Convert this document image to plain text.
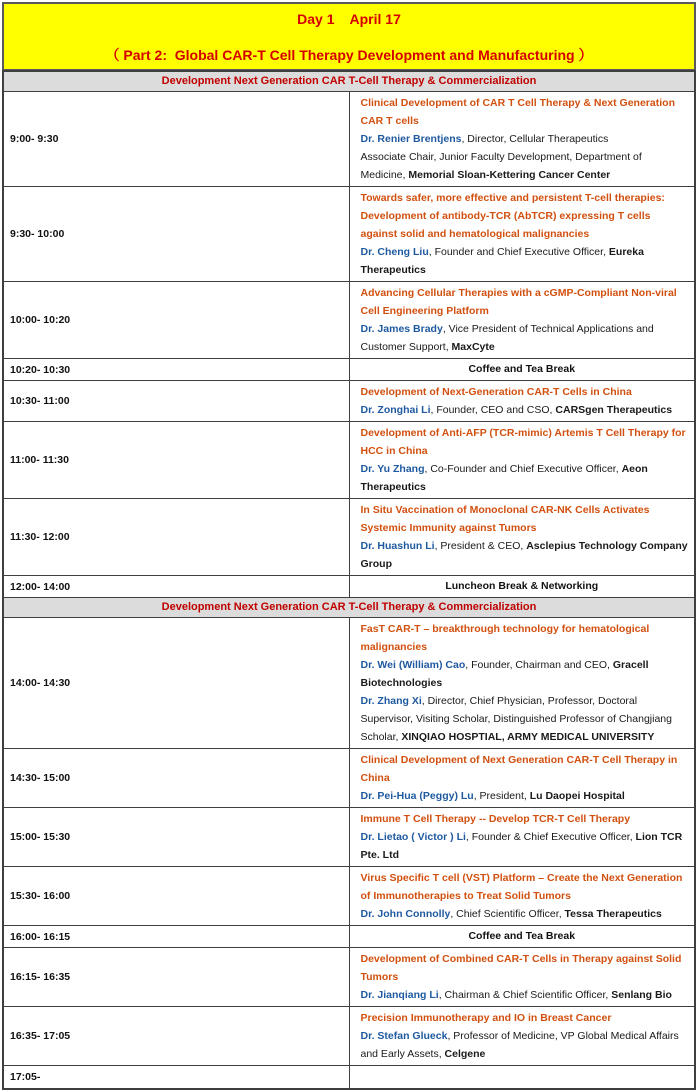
Day 1    April 17
（ Part 2:  Global CAR-T Cell Therapy Development and Manufacturing ）
Development Next Generation CAR T-Cell Therapy & Commercialization	
9:00- 9:30	Clinical Development of CAR T Cell Therapy & Next Generation CAR T cells
Dr. Renier Brentjens, Director, Cellular Therapeutics
Associate Chair, Junior Faculty Development, Department of Medicine, Memorial Sloan-Kettering Cancer Center

9:30- 10:00	Towards safer, more effective and persistent T-cell therapies: Development of antibody-TCR (AbTCR) expressing T cells against solid and hematological malignancies
Dr. Cheng Liu, Founder and Chief Executive Officer, Eureka Therapeutics

10:00- 10:20	Advancing Cellular Therapies with a cGMP-Compliant Non-viral Cell Engineering Platform
Dr. James Brady, Vice President of Technical Applications and Customer Support, MaxCyte

10:20- 10:30	Coffee and Tea Break
10:30- 11:00	Development of Next-Generation CAR-T Cells in China
Dr. Zonghai Li, Founder, CEO and CSO, CARSgen Therapeutics

11:00- 11:30	Development of Anti-AFP (TCR-mimic) Artemis T Cell Therapy for HCC in China
Dr. Yu Zhang, Co-Founder and Chief Executive Officer, Aeon Therapeutics

11:30- 12:00	In Situ Vaccination of Monoclonal CAR-NK Cells Activates Systemic Immunity against Tumors
Dr. Huashun Li, President & CEO, Asclepius Technology Company Group

12:00- 14:00	Luncheon Break & Networking
Development Next Generation CAR T-Cell Therapy & Commercialization	
14:00- 14:30	FasT CAR-T – breakthrough technology for hematological malignancies
Dr. Wei (William) Cao, Founder, Chairman and CEO, Gracell Biotechnologies
Dr. Zhang Xi, Director, Chief Physician, Professor, Doctoral Supervisor, Visiting Scholar, Distinguished Professor of Changjiang Scholar, XINQIAO HOSPTIAL, ARMY MEDICAL UNIVERSITY

14:30- 15:00	Clinical Development of Next Generation CAR-T Cell Therapy in China
Dr. Pei-Hua (Peggy) Lu, President, Lu Daopei Hospital

15:00- 15:30	Immune T Cell Therapy -- Develop TCR-T Cell Therapy
Dr. Lietao ( Victor ) Li, Founder & Chief Executive Officer, Lion TCR Pte. Ltd

15:30- 16:00	Virus Specific T cell (VST) Platform – Create the Next Generation of Immunotherapies to Treat Solid Tumors
Dr. John Connolly, Chief Scientific Officer, Tessa Therapeutics

16:00- 16:15	Coffee and Tea Break
16:15- 16:35	Development of Combined CAR-T Cells in Therapy against Solid Tumors
Dr. Jianqiang Li, Chairman & Chief Scientific Officer, Senlang Bio

16:35- 17:05	Precision Immunotherapy and IO in Breast Cancer
Dr. Stefan Glueck, Professor of Medicine, VP Global Medical Affairs and Early Assets, Celgene

17:05-	
